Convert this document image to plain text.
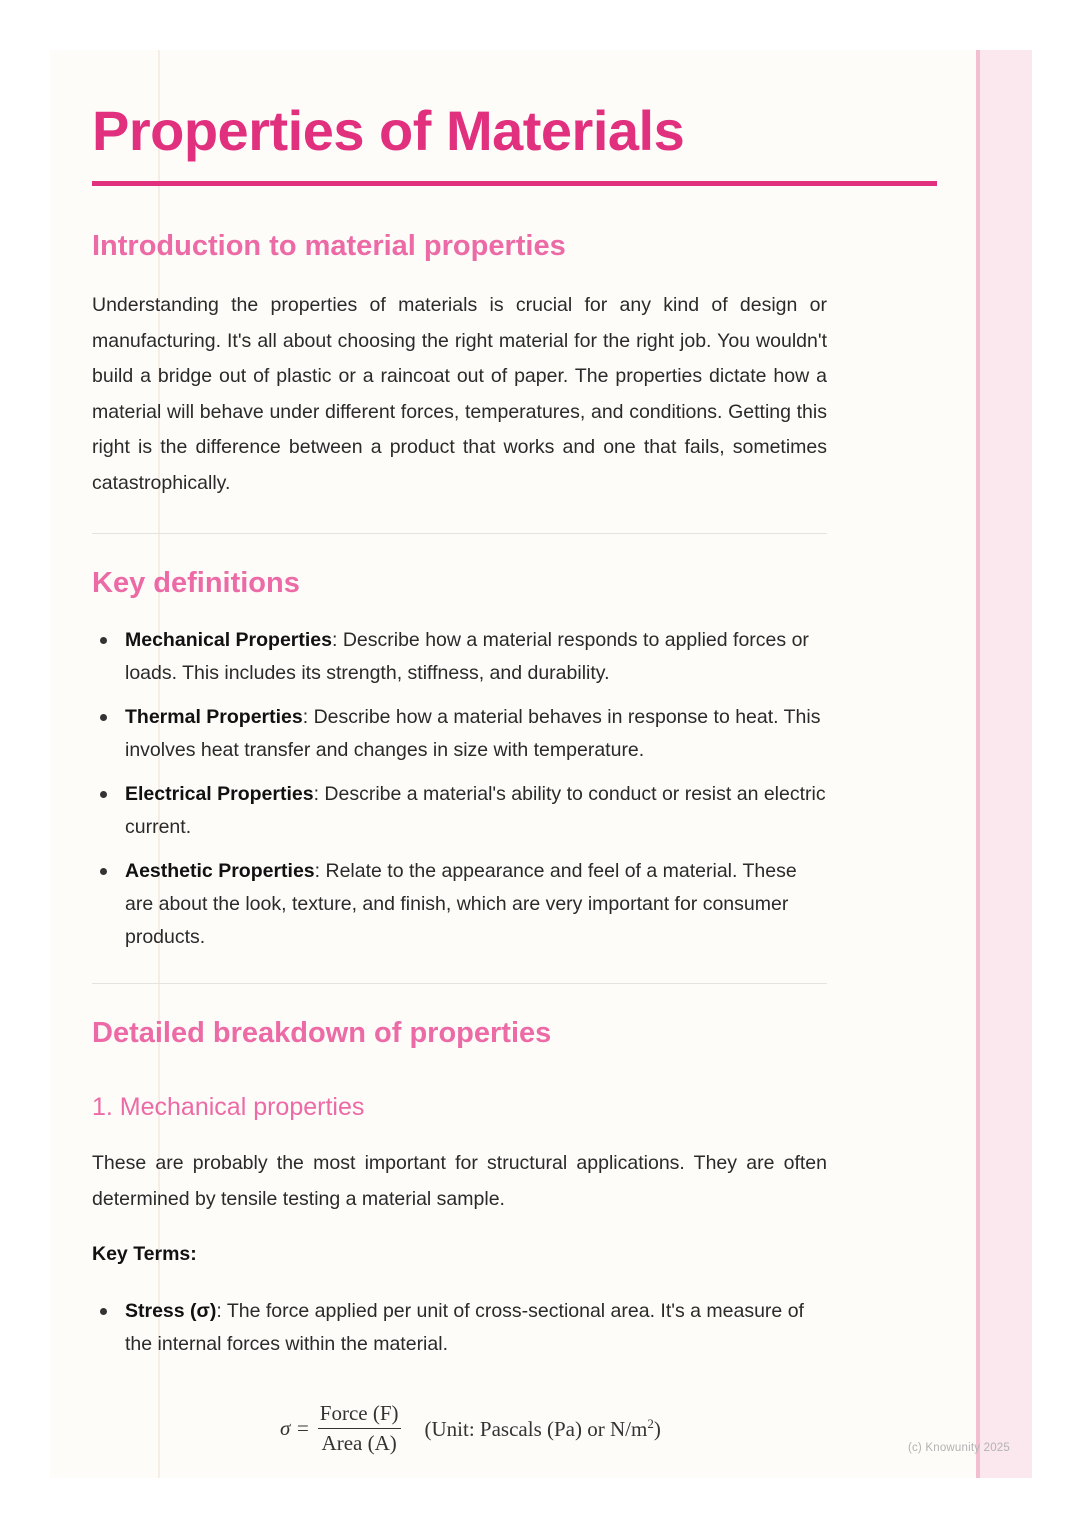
Properties of Materials
Introduction to material properties

Understanding the properties of materials is crucial for any kind of design or manufacturing. It's all about choosing the right material for the right job. You wouldn't build a bridge out of plastic or a raincoat out of paper. The properties dictate how a material will behave under different forces, temperatures, and conditions. Getting this right is the difference between a product that works and one that fails, sometimes catastrophically.

Key definitions
Mechanical Properties: Describe how a material responds to applied forces or loads. This includes its strength, stiffness, and durability.
Thermal Properties: Describe how a material behaves in response to heat. This involves heat transfer and changes in size with temperature.
Electrical Properties: Describe a material's ability to conduct or resist an electric current.
Aesthetic Properties: Relate to the appearance and feel of a material. These are about the look, texture, and finish, which are very important for consumer products.
Detailed breakdown of properties
1. Mechanical properties

These are probably the most important for structural applications. They are often determined by tensile testing a material sample.

Key Terms:

Stress (σ): The force applied per unit of cross-sectional area. It's a measure of the internal forces within the material.
$\sigma = \frac{\text{Force (F)}}{\text{Area (A)}}$ (Unit: Pascals (Pa) or $N/m^2$)
(c) Knowunity 2025
